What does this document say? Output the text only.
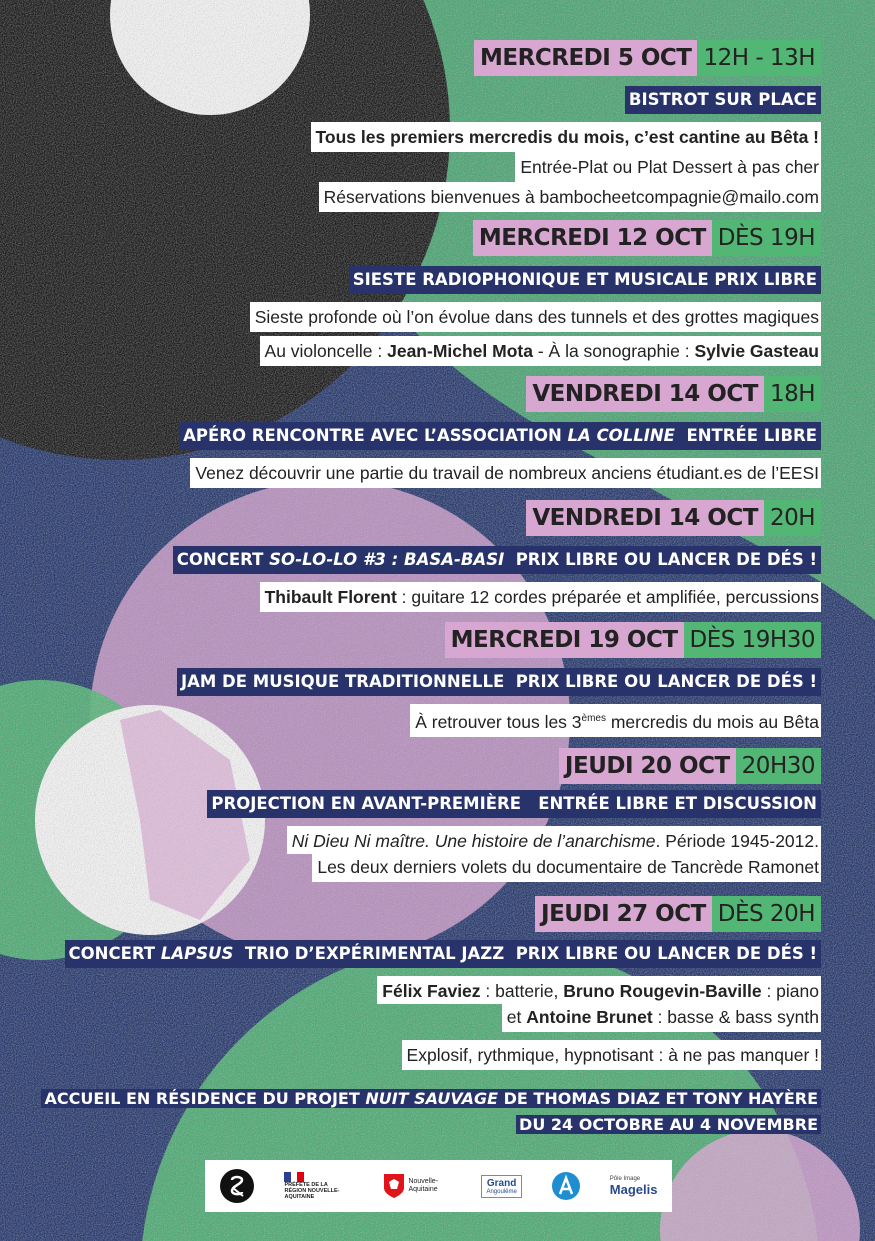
MERCREDI 5 OCT 12H - 13H
BISTROT SUR PLACE
Tous les premiers mercredis du mois, c’est cantine au Bêta !
Entrée-Plat ou Plat Dessert à pas cher
Réservations bienvenues à bambocheetcompagnie@mailo.com
MERCREDI 12 OCT DÈS 19H
SIESTE RADIOPHONIQUE ET MUSICALE PRIX LIBRE
Sieste profonde où l’on évolue dans des tunnels et des grottes magiques
Au violoncelle : Jean-Michel Mota - À la sonographie : Sylvie Gasteau
VENDREDI 14 OCT 18H
APÉRO RENCONTRE AVEC L’ASSOCIATION LA COLLINE  ENTRÉE LIBRE
Venez découvrir une partie du travail de nombreux anciens étudiant.es de l’EESI
VENDREDI 14 OCT 20H
CONCERT SO-LO-LO #3 : BASA-BASI  PRIX LIBRE OU LANCER DE DÉS !
Thibault Florent : guitare 12 cordes préparée et amplifiée, percussions
MERCREDI 19 OCT DÈS 19H30
JAM DE MUSIQUE TRADITIONNELLE  PRIX LIBRE OU LANCER DE DÉS !
À retrouver tous les 3èmes mercredis du mois au Bêta
JEUDI 20 OCT 20H30
PROJECTION EN AVANT-PREMIÈRE   ENTRÉE LIBRE ET DISCUSSION
Ni Dieu Ni maître. Une histoire de l’anarchisme. Période 1945-2012.
Les deux derniers volets du documentaire de Tancrède Ramonet
JEUDI 27 OCT DÈS 20H
CONCERT LAPSUS  TRIO D’EXPÉRIMENTAL JAZZ  PRIX LIBRE OU LANCER DE DÉS !
Félix Faviez : batterie, Bruno Rougevin-Baville : piano
et Antoine Brunet : basse & bass synth
Explosif, rythmique, hypnotisant : à ne pas manquer !
ACCUEIL EN RÉSIDENCE DU PROJET NUIT SAUVAGE DE THOMAS DIAZ ET TONY HAYÈRE
DU 24 OCTOBRE AU 4 NOVEMBRE
PRÉFÈTE DE LA RÉGION NOUVELLE-AQUITAINE
Nouvelle-Aquitaine
Grand
Angoulême
Pôle Image
Magelis
